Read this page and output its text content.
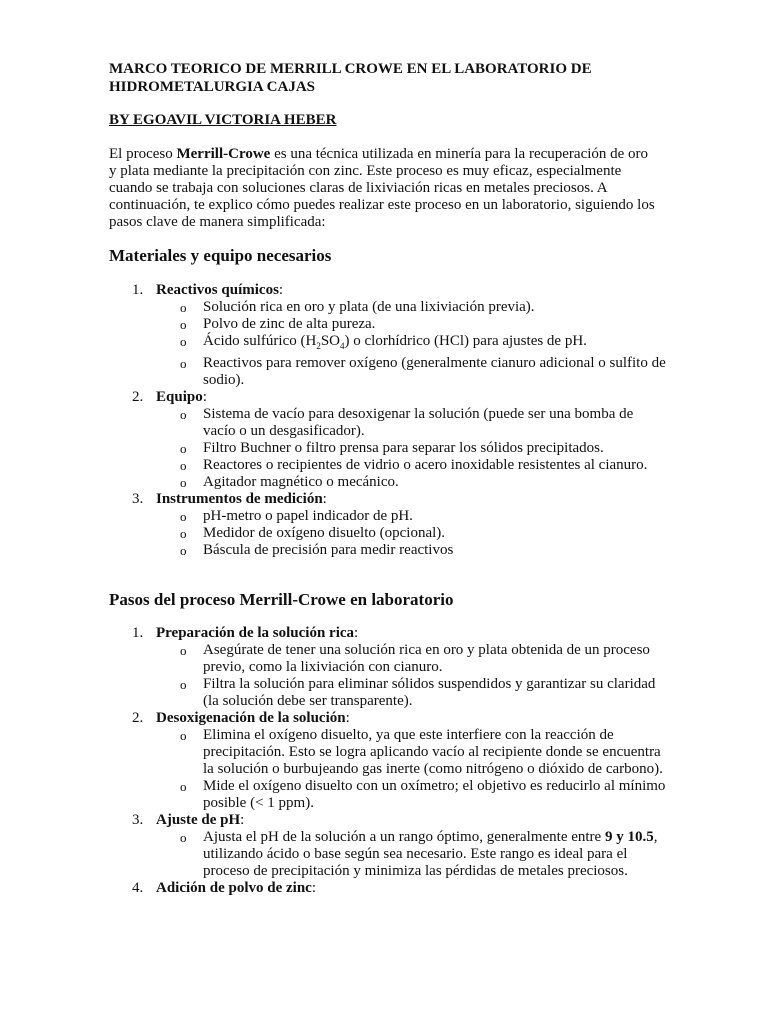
MARCO TEORICO DE MERRILL CROWE EN EL LABORATORIO DE HIDROMETALURGIA CAJAS

BY EGOAVIL VICTORIA HEBER

El proceso Merrill-Crowe es una técnica utilizada en minería para la recuperación de oro y plata mediante la precipitación con zinc. Este proceso es muy eficaz, especialmente cuando se trabaja con soluciones claras de lixiviación ricas en metales preciosos. A continuación, te explico cómo puedes realizar este proceso en un laboratorio, siguiendo los pasos clave de manera simplificada:

Materiales y equipo necesarios
1. Reactivos químicos:
o Solución rica en oro y plata (de una lixiviación previa).
o Polvo de zinc de alta pureza.
o Ácido sulfúrico $(H_2SO_4)$ o clorhídrico (HCl) para ajustes de pH.
o Reactivos para remover oxígeno (generalmente cianuro adicional o sulfito de sodio).
2. Equipo:
o Sistema de vacío para desoxigenar la solución (puede ser una bomba de vacío o un desgasificador).
o Filtro Buchner o filtro prensa para separar los sólidos precipitados.
o Reactores o recipientes de vidrio o acero inoxidable resistentes al cianuro.
o Agitador magnético o mecánico.
3. Instrumentos de medición:
o pH-metro o papel indicador de pH.
o Medidor de oxígeno disuelto (opcional).
o Báscula de precisión para medir reactivos
Pasos del proceso Merrill-Crowe en laboratorio
1. Preparación de la solución rica:
o Asegúrate de tener una solución rica en oro y plata obtenida de un proceso previo, como la lixiviación con cianuro.
o Filtra la solución para eliminar sólidos suspendidos y garantizar su claridad (la solución debe ser transparente).
2. Desoxigenación de la solución:
o Elimina el oxígeno disuelto, ya que este interfiere con la reacción de precipitación. Esto se logra aplicando vacío al recipiente donde se encuentra la solución o burbujeando gas inerte (como nitrógeno o dióxido de carbono).
o Mide el oxígeno disuelto con un oxímetro; el objetivo es reducirlo al mínimo posible (< 1 ppm).
3. Ajuste de pH:
o Ajusta el pH de la solución a un rango óptimo, generalmente entre 9 y 10.5, utilizando ácido o base según sea necesario. Este rango es ideal para el proceso de precipitación y minimiza las pérdidas de metales preciosos.
4. Adición de polvo de zinc:
